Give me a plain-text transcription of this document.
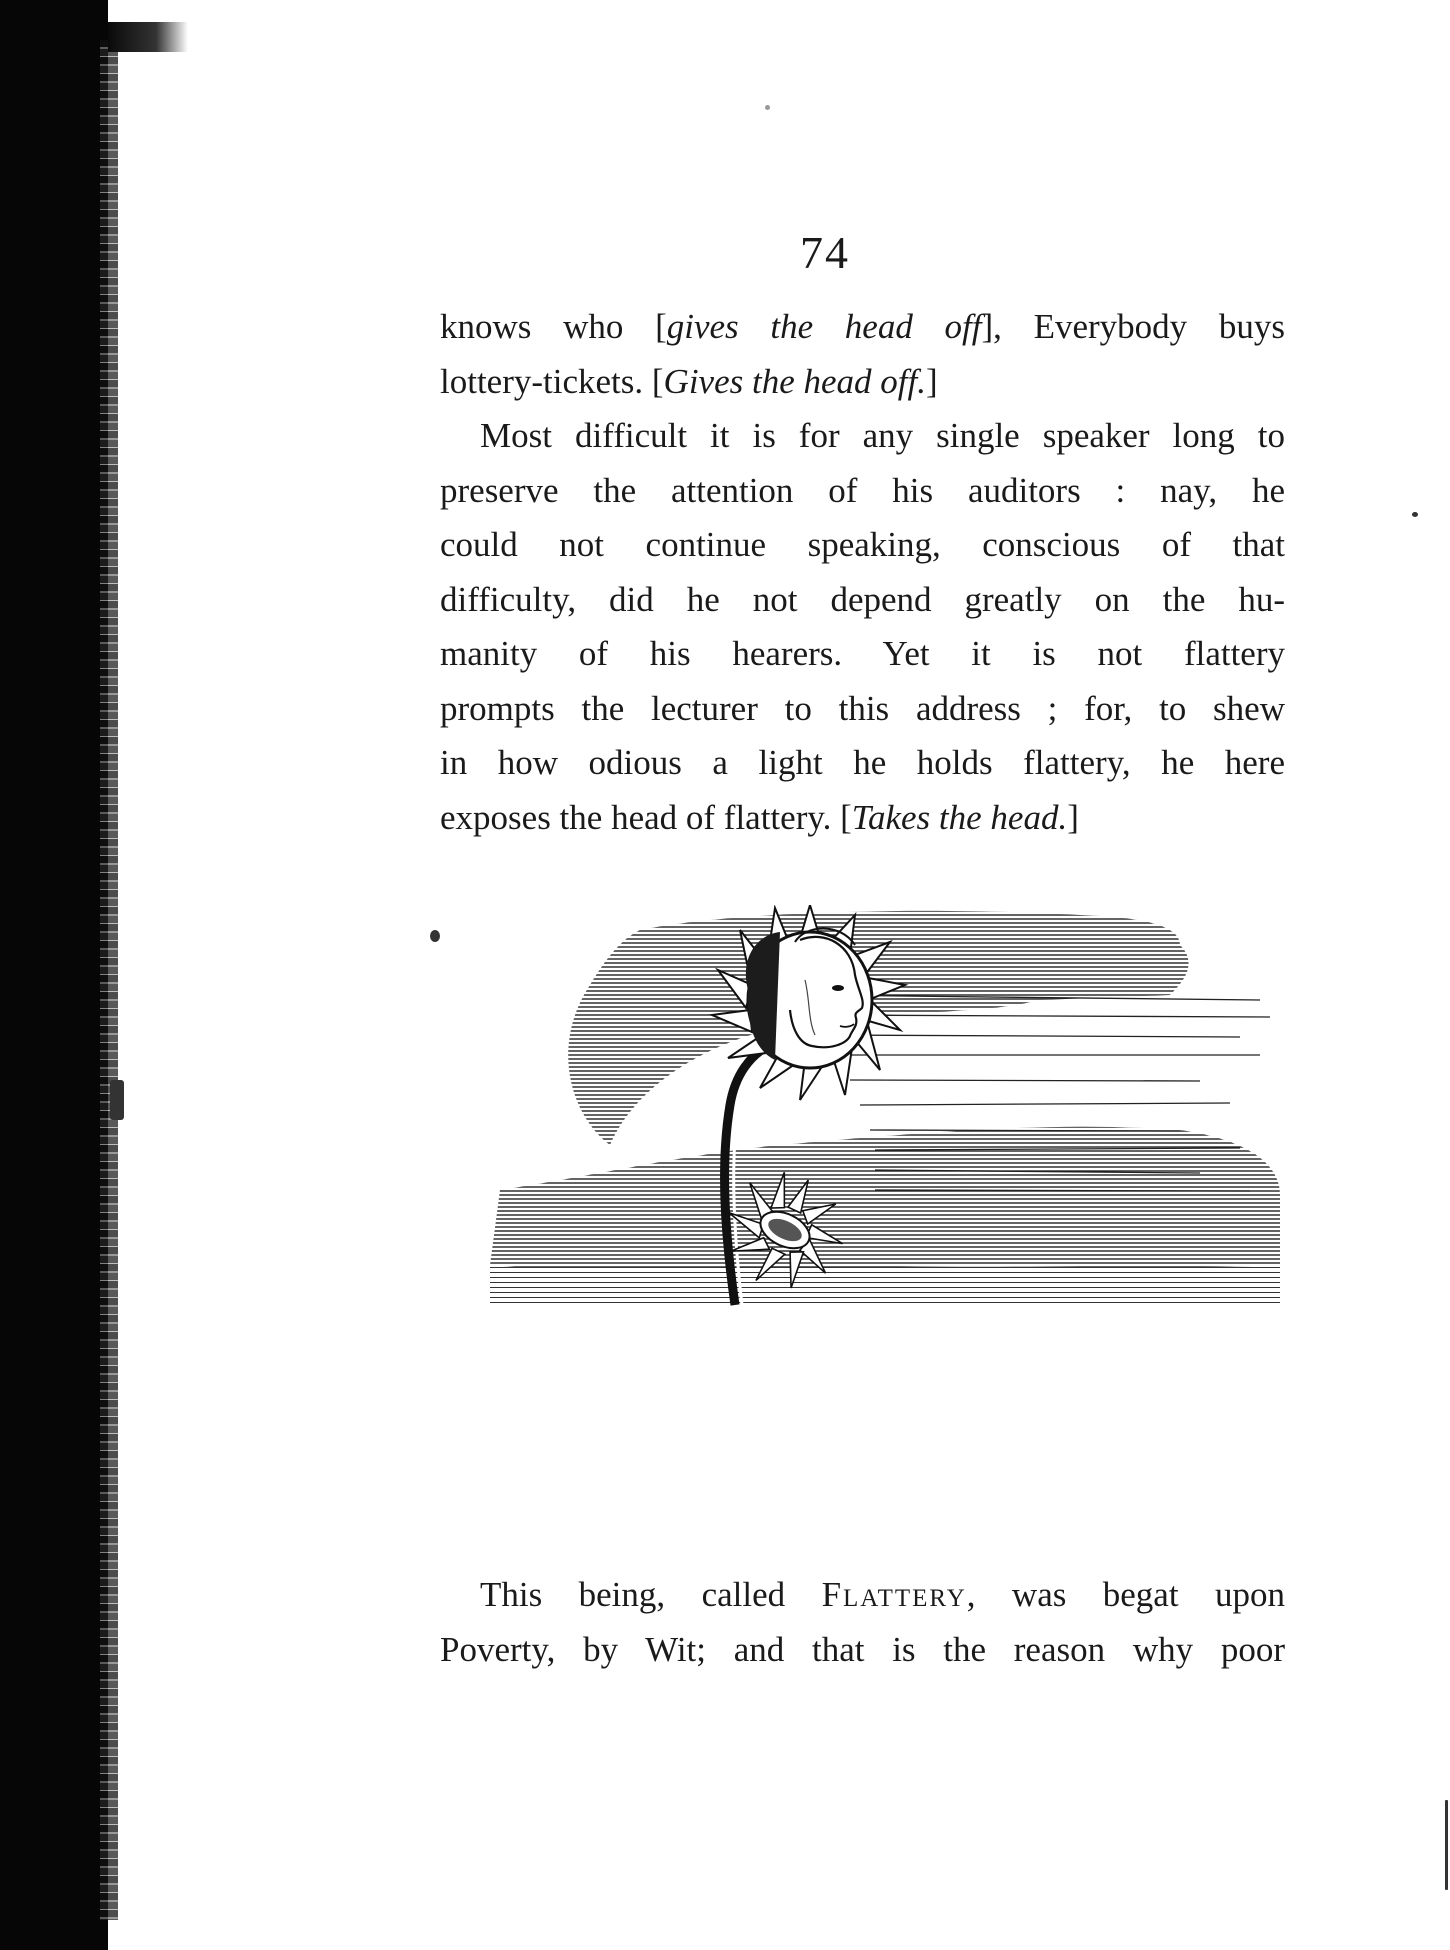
74
knows who [gives the head off], Everybody buys
lottery-tickets. [Gives the head off.]
Most difficult it is for any single speaker long to
preserve the attention of his auditors : nay, he
could not continue speaking, conscious of that
difficulty, did he not depend greatly on the hu-
manity of his hearers. Yet it is not flattery
prompts the lecturer to this address ; for, to shew
in how odious a light he holds flattery, he here
exposes the head of flattery. [Takes the head.]
This being, called Flattery, was begat upon
Poverty, by Wit; and that is the reason why poor
